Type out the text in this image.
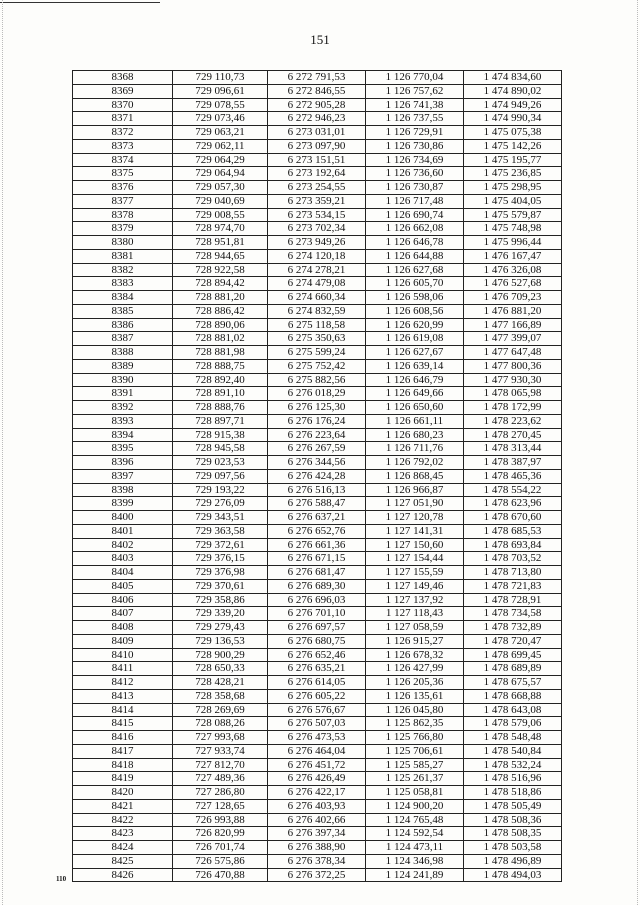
151
8368	729 110,73	6 272 791,53	1 126 770,04	1 474 834,60
8369	729 096,61	6 272 846,55	1 126 757,62	1 474 890,02
8370	729 078,55	6 272 905,28	1 126 741,38	1 474 949,26
8371	729 073,46	6 272 946,23	1 126 737,55	1 474 990,34
8372	729 063,21	6 273 031,01	1 126 729,91	1 475 075,38
8373	729 062,11	6 273 097,90	1 126 730,86	1 475 142,26
8374	729 064,29	6 273 151,51	1 126 734,69	1 475 195,77
8375	729 064,94	6 273 192,64	1 126 736,60	1 475 236,85
8376	729 057,30	6 273 254,55	1 126 730,87	1 475 298,95
8377	729 040,69	6 273 359,21	1 126 717,48	1 475 404,05
8378	729 008,55	6 273 534,15	1 126 690,74	1 475 579,87
8379	728 974,70	6 273 702,34	1 126 662,08	1 475 748,98
8380	728 951,81	6 273 949,26	1 126 646,78	1 475 996,44
8381	728 944,65	6 274 120,18	1 126 644,88	1 476 167,47
8382	728 922,58	6 274 278,21	1 126 627,68	1 476 326,08
8383	728 894,42	6 274 479,08	1 126 605,70	1 476 527,68
8384	728 881,20	6 274 660,34	1 126 598,06	1 476 709,23
8385	728 886,42	6 274 832,59	1 126 608,56	1 476 881,20
8386	728 890,06	6 275 118,58	1 126 620,99	1 477 166,89
8387	728 881,02	6 275 350,63	1 126 619,08	1 477 399,07
8388	728 881,98	6 275 599,24	1 126 627,67	1 477 647,48
8389	728 888,75	6 275 752,42	1 126 639,14	1 477 800,36
8390	728 892,40	6 275 882,56	1 126 646,79	1 477 930,30
8391	728 891,10	6 276 018,29	1 126 649,66	1 478 065,98
8392	728 888,76	6 276 125,30	1 126 650,60	1 478 172,99
8393	728 897,71	6 276 176,24	1 126 661,11	1 478 223,62
8394	728 915,38	6 276 223,64	1 126 680,23	1 478 270,45
8395	728 945,58	6 276 267,59	1 126 711,76	1 478 313,44
8396	729 023,53	6 276 344,56	1 126 792,02	1 478 387,97
8397	729 097,56	6 276 424,28	1 126 868,45	1 478 465,36
8398	729 193,22	6 276 516,13	1 126 966,87	1 478 554,22
8399	729 276,09	6 276 588,47	1 127 051,90	1 478 623,96
8400	729 343,51	6 276 637,21	1 127 120,78	1 478 670,60
8401	729 363,58	6 276 652,76	1 127 141,31	1 478 685,53
8402	729 372,61	6 276 661,36	1 127 150,60	1 478 693,84
8403	729 376,15	6 276 671,15	1 127 154,44	1 478 703,52
8404	729 376,98	6 276 681,47	1 127 155,59	1 478 713,80
8405	729 370,61	6 276 689,30	1 127 149,46	1 478 721,83
8406	729 358,86	6 276 696,03	1 127 137,92	1 478 728,91
8407	729 339,20	6 276 701,10	1 127 118,43	1 478 734,58
8408	729 279,43	6 276 697,57	1 127 058,59	1 478 732,89
8409	729 136,53	6 276 680,75	1 126 915,27	1 478 720,47
8410	728 900,29	6 276 652,46	1 126 678,32	1 478 699,45
8411	728 650,33	6 276 635,21	1 126 427,99	1 478 689,89
8412	728 428,21	6 276 614,05	1 126 205,36	1 478 675,57
8413	728 358,68	6 276 605,22	1 126 135,61	1 478 668,88
8414	728 269,69	6 276 576,67	1 126 045,80	1 478 643,08
8415	728 088,26	6 276 507,03	1 125 862,35	1 478 579,06
8416	727 993,68	6 276 473,53	1 125 766,80	1 478 548,48
8417	727 933,74	6 276 464,04	1 125 706,61	1 478 540,84
8418	727 812,70	6 276 451,72	1 125 585,27	1 478 532,24
8419	727 489,36	6 276 426,49	1 125 261,37	1 478 516,96
8420	727 286,80	6 276 422,17	1 125 058,81	1 478 518,86
8421	727 128,65	6 276 403,93	1 124 900,20	1 478 505,49
8422	726 993,88	6 276 402,66	1 124 765,48	1 478 508,36
8423	726 820,99	6 276 397,34	1 124 592,54	1 478 508,35
8424	726 701,74	6 276 388,90	1 124 473,11	1 478 503,58
8425	726 575,86	6 276 378,34	1 124 346,98	1 478 496,89
8426	726 470,88	6 276 372,25	1 124 241,89	1 478 494,03
110
